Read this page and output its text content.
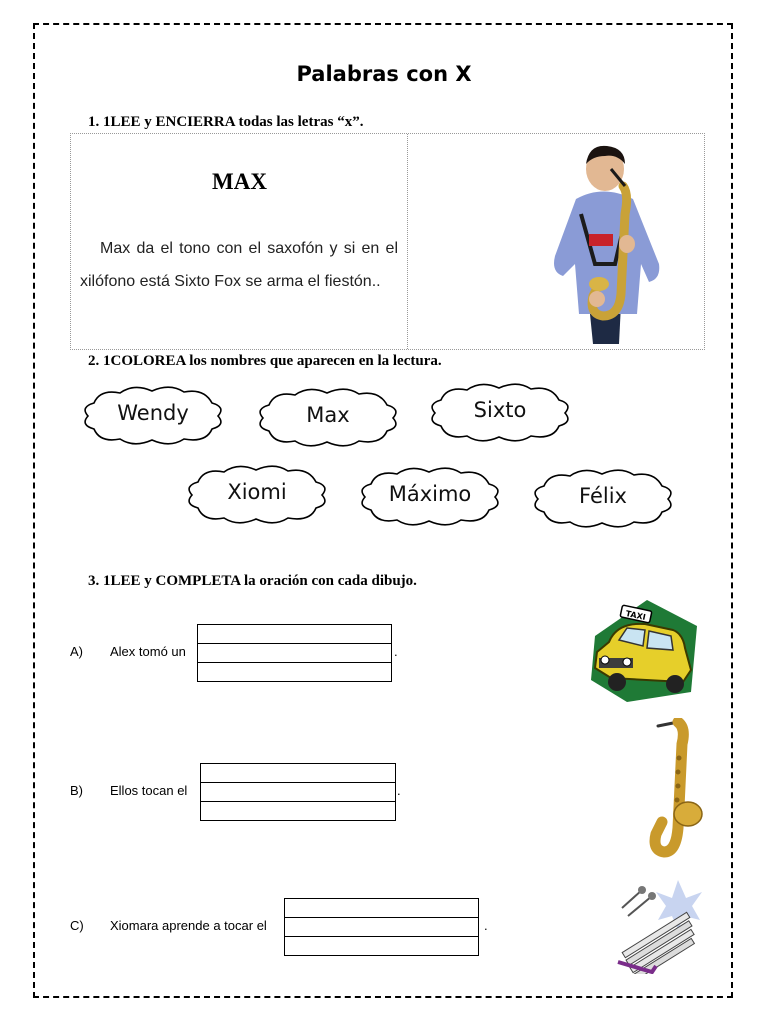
Palabras con X
1. 1LEE y ENCIERRA todas las letras “x”.
MAX
Max da el tono con el saxofón y si en el xilófono está Sixto Fox se arma el fiestón..
2. 1COLOREA los nombres que aparecen en la lectura.
Wendy	Max	Sixto
Xiomi	Máximo	Félix
3. 1LEE y COMPLETA la oración con cada dibujo.
A) Alex tomó un	.
B) Ellos tocan el	.
C) Xiomara aprende a tocar el	.
TAXI
